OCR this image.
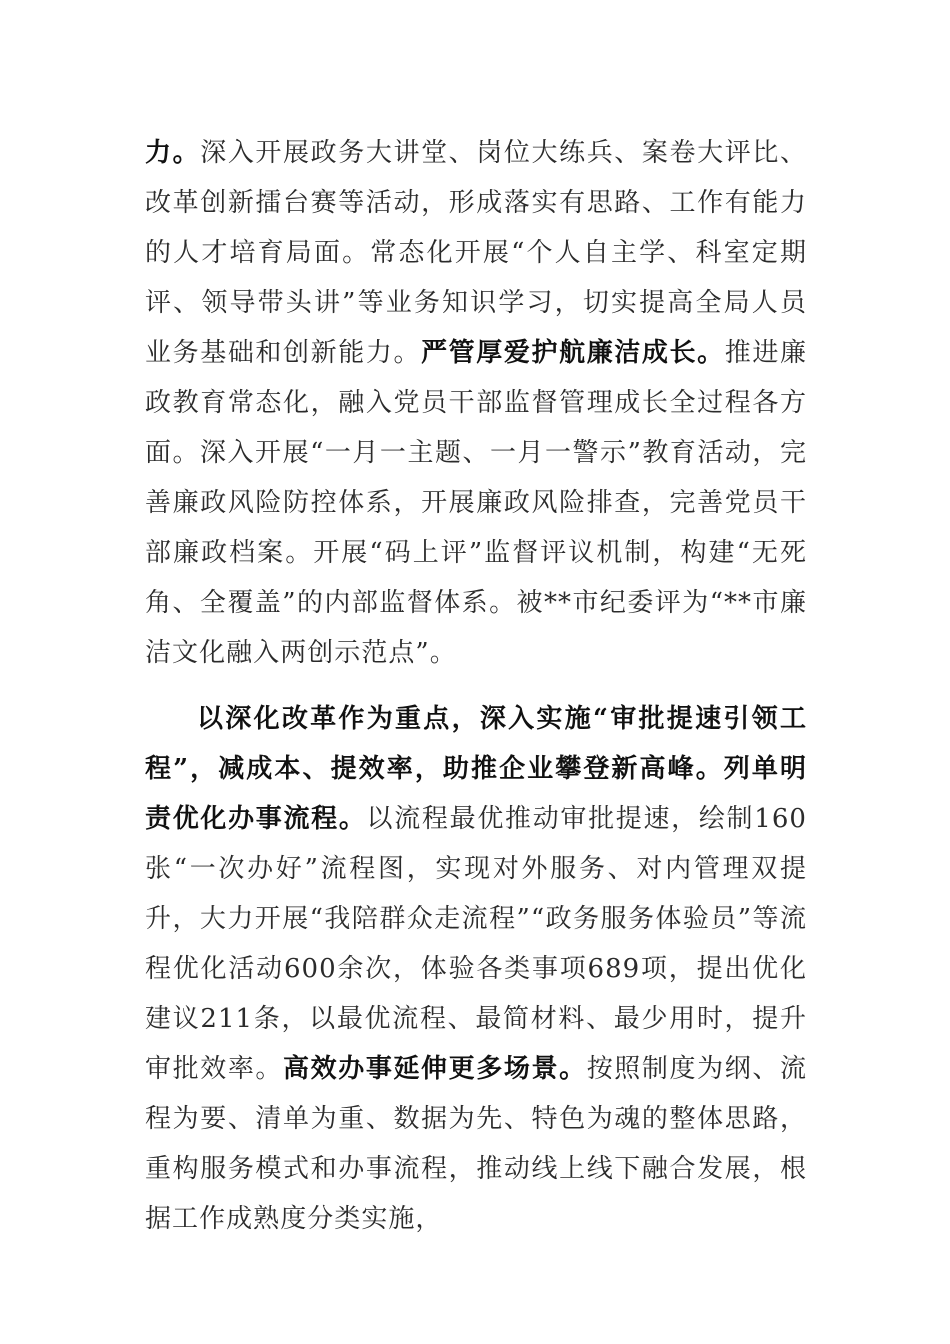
力。深入开展政务大讲堂、岗位大练兵、案卷大评比、改革创新擂台赛等活动，形成落实有思路、工作有能力的人才培育局面。常态化开展“个人自主学、科室定期评、领导带头讲”等业务知识学习，切实提高全局人员业务基础和创新能力。严管厚爱护航廉洁成长。推进廉政教育常态化，融入党员干部监督管理成长全过程各方面。深入开展“一月一主题、一月一警示”教育活动，完善廉政风险防控体系，开展廉政风险排查，完善党员干部廉政档案。开展“码上评”监督评议机制，构建“无死角、全覆盖”的内部监督体系。被**市纪委评为“**市廉洁文化融入两创示范点”。

以深化改革作为重点，深入实施“审批提速引领工程”，减成本、提效率，助推企业攀登新高峰。列单明责优化办事流程。以流程最优推动审批提速，绘制160张“一次办好”流程图，实现对外服务、对内管理双提升，大力开展“我陪群众走流程”“政务服务体验员”等流程优化活动600余次，体验各类事项689项，提出优化建议211条，以最优流程、最简材料、最少用时，提升审批效率。高效办事延伸更多场景。按照制度为纲、流程为要、清单为重、数据为先、特色为魂的整体思路，重构服务模式和办事流程，推动线上线下融合发展，根据工作成熟度分类实施，
